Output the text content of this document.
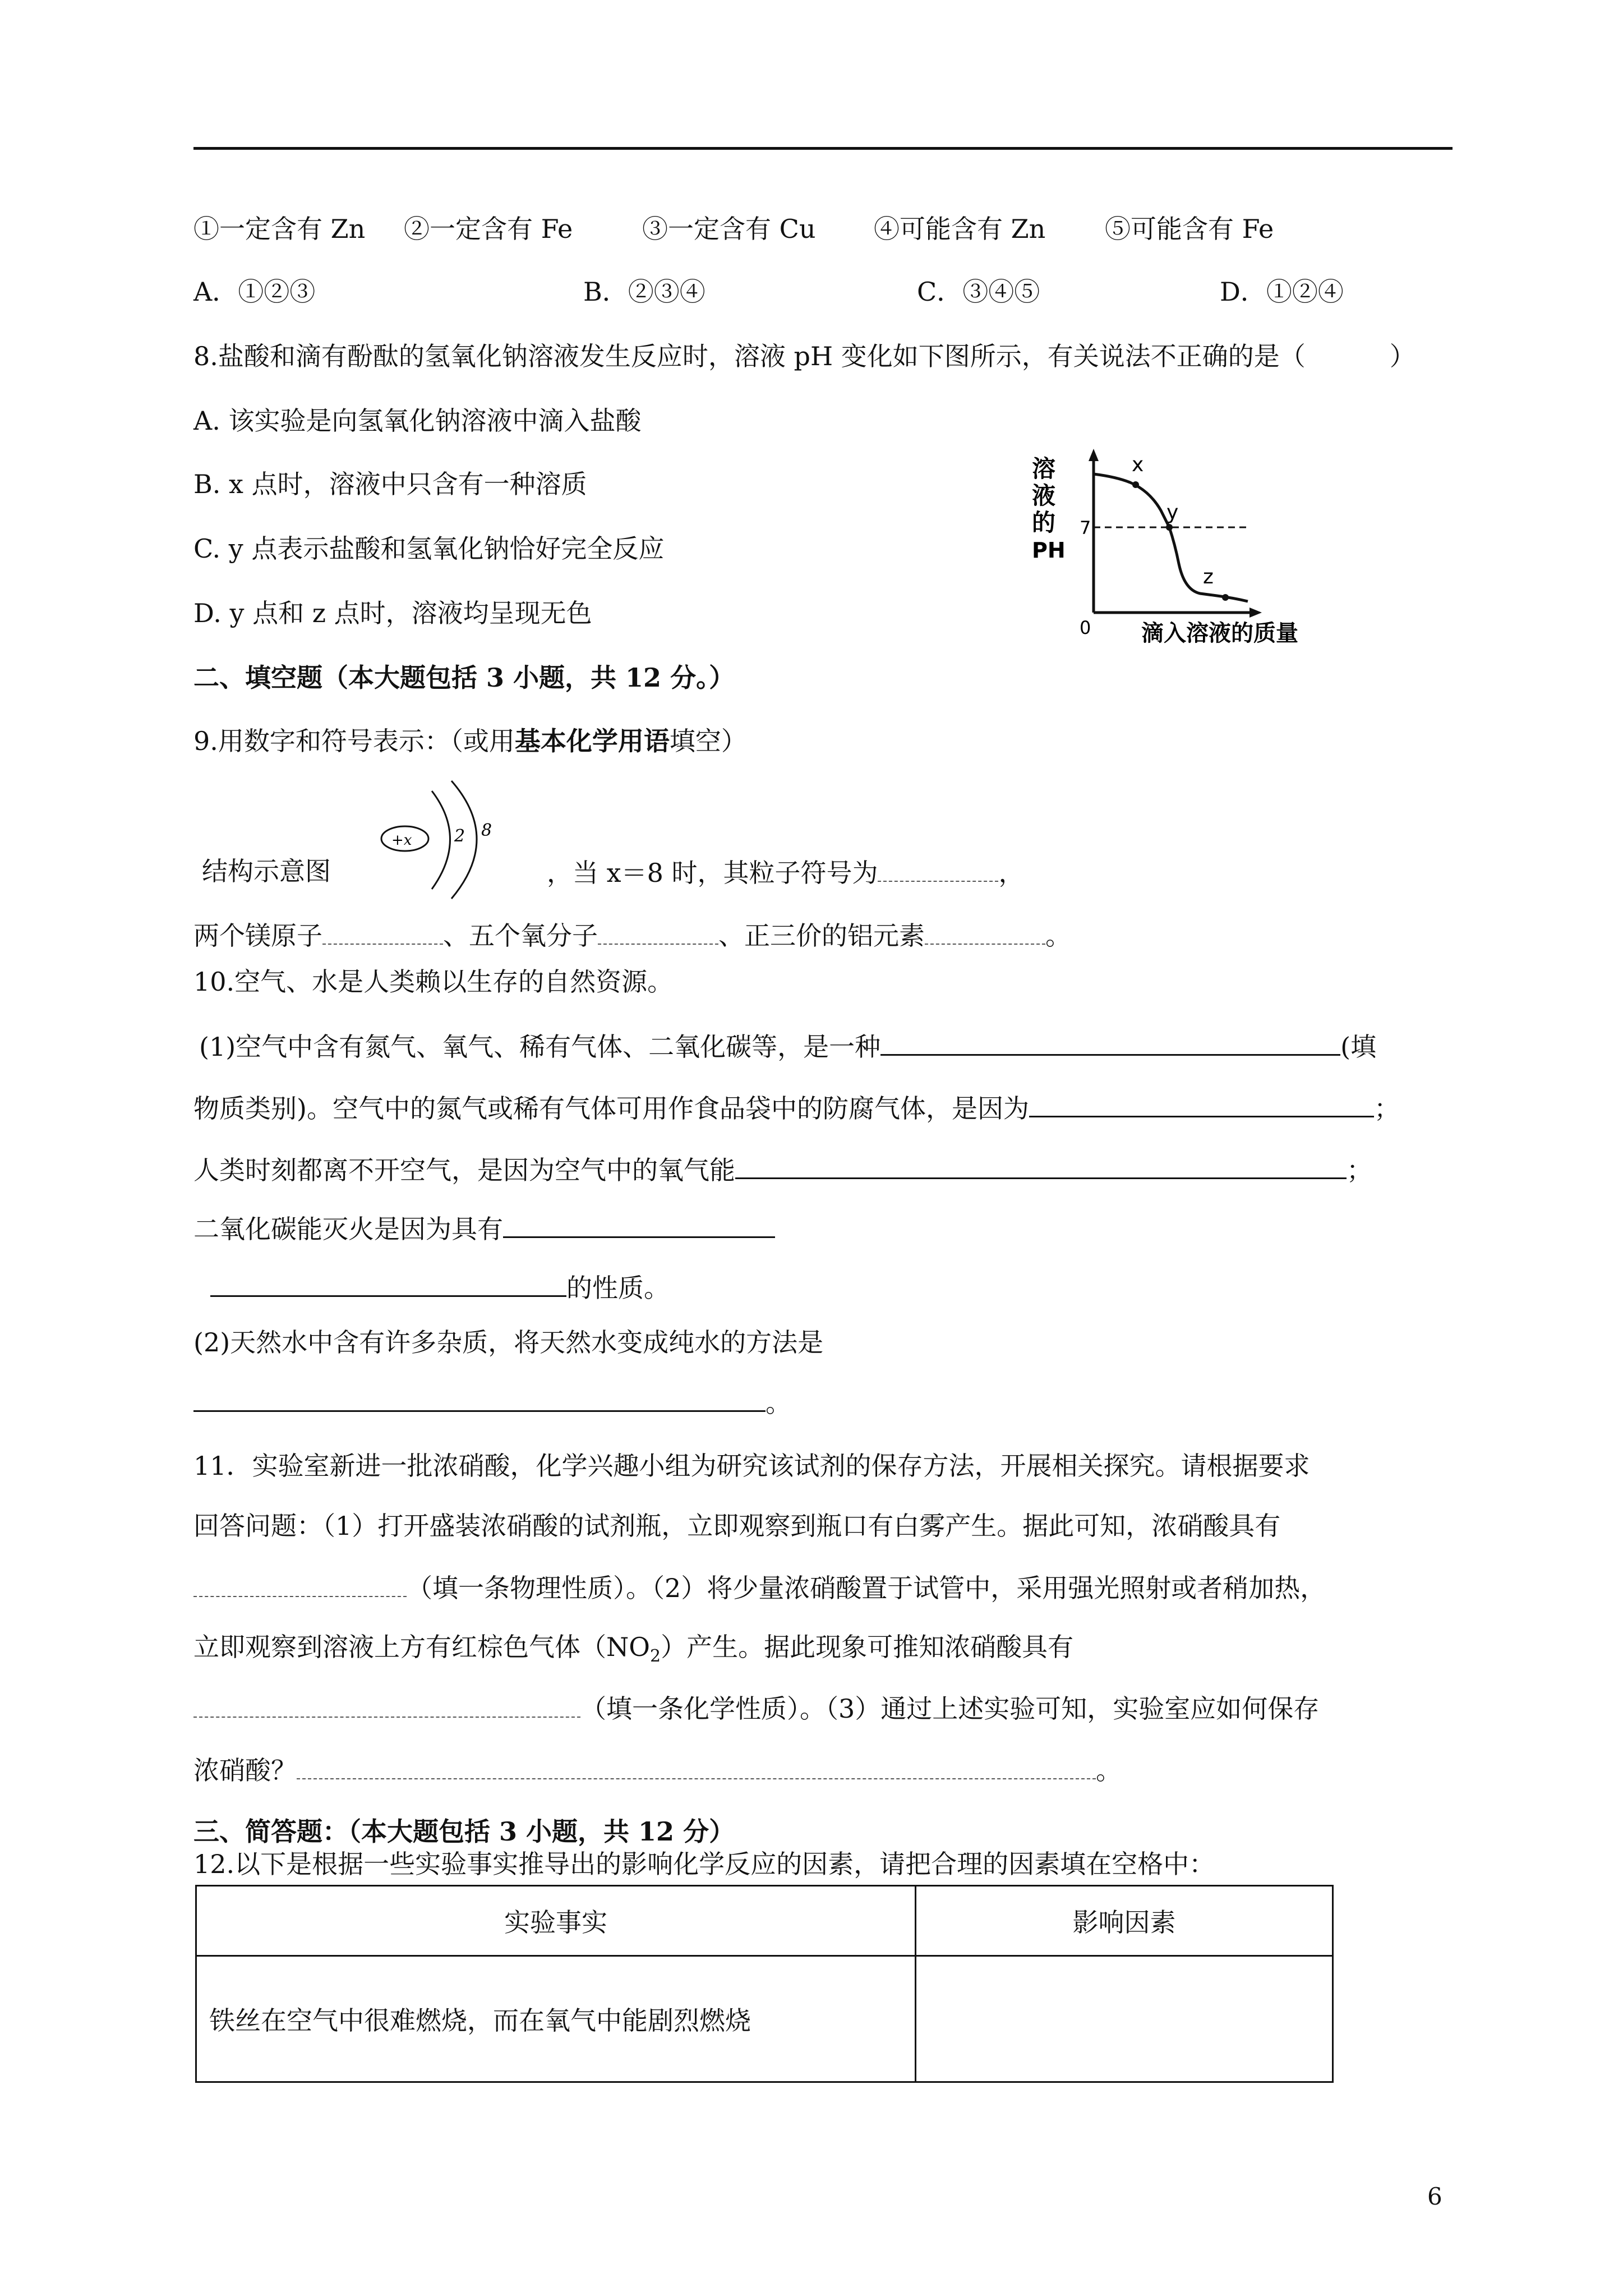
①一定含有 Zn ②一定含有 Fe	③一定含有 Cu ④可能含有 Zn ⑤可能含有 Fe
A．①②③	B．②③④	C．③④⑤	D．①②④
8.盐酸和滴有酚酞的氢氧化钠溶液发生反应时，溶液 pH 变化如下图所示，有关说法不正确的是（	）
A. 该实验是向氢氧化钠溶液中滴入盐酸
B. x 点时，溶液中只含有一种溶质
C. y 点表示盐酸和氢氧化钠恰好完全反应
D. y 点和 z 点时，溶液均呈现无色
x
y
z
7
0
溶
液
的
PH
滴入溶液的质量
二、填空题（本大题包括 3 小题，共 12 分。）
9.用数字和符号表示：（或用基本化学用语填空）
结构示意图
+x	2 8
，当 x＝8 时，其粒子符号为	，
两个镁原子	、五个氧分子	、正三价的铝元素	。
10.空气、水是人类赖以生存的自然资源。
(1)空气中含有氮气、氧气、稀有气体、二氧化碳等，是一种	(填
物质类别)。空气中的氮气或稀有气体可用作食品袋中的防腐气体，是因为	；
人类时刻都离不开空气，是因为空气中的氧气能	；
二氧化碳能灭火是因为具有
的性质。
(2)天然水中含有许多杂质，将天然水变成纯水的方法是
。
11．实验室新进一批浓硝酸，化学兴趣小组为研究该试剂的保存方法，开展相关探究。请根据要求
回答问题：（1）打开盛装浓硝酸的试剂瓶，立即观察到瓶口有白雾产生。据此可知，浓硝酸具有
（填一条物理性质）。（2）将少量浓硝酸置于试管中，采用强光照射或者稍加热，
立即观察到溶液上方有红棕色气体$(NO_2)$产生。据此现象可推知浓硝酸具有
（填一条化学性质）。（3）通过上述实验可知，实验室应如何保存
浓硝酸？	。
三、简答题：（本大题包括 3 小题，共 12 分）
12.以下是根据一些实验事实推导出的影响化学反应的因素，请把合理的因素填在空格中：
实验事实	影响因素
铁丝在空气中很难燃烧，而在氧气中能剧烈燃烧	
6
